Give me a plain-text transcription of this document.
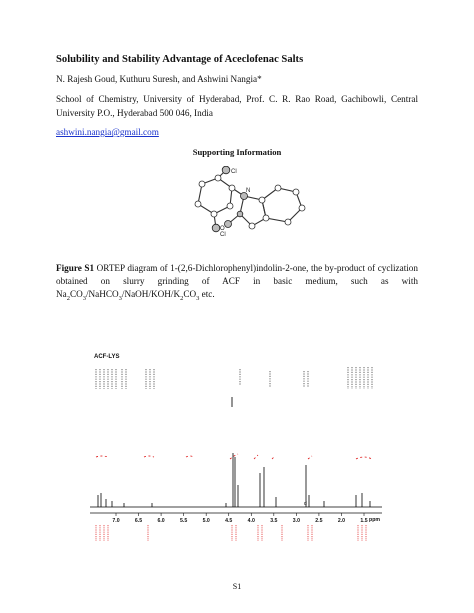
Solubility and Stability Advantage of Aceclofenac Salts
N. Rajesh Goud, Kuthuru Suresh, and Ashwini Nangia*
School of Chemistry, University of Hyderabad, Prof. C. R. Rao Road, Gachibowli, Central University P.O., Hyderabad 500 046, India
ashwini.nangia@gmail.com
Supporting Information
Cl
Cl
N
O
Figure S1 ORTEP diagram of 1-(2,6-Dichlorophenyl)indolin-2-one, the by-product of cyclization obtained on slurry grinding of ACF in basic medium, such as with $Na_2CO_3/NaHCO_3/NaOH/KOH/K_2CO_3$ etc.
ACF-LYS
d
7.0	6.5	6.0	5.5	5.0	4.5	4.0	3.5	3.0	2.5	2.0	1.5 ppm
S1
